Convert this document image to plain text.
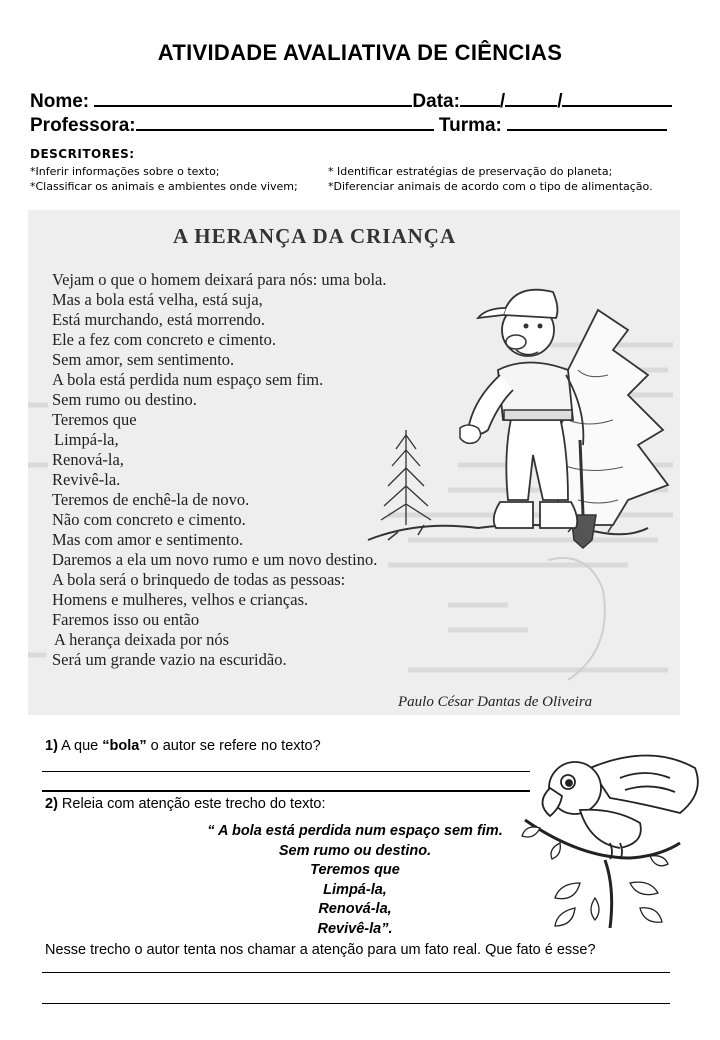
ATIVIDADE AVALIATIVA DE CIÊNCIAS
Nome:	Data: /	/
Professora:	Turma:
DESCRITORES:
*Inferir informações sobre o texto;	* Identificar estratégias de preservação do planeta;
*Classificar os animais e ambientes onde vivem;	*Diferenciar animais de acordo com o tipo de alimentação.
A HERANÇA DA CRIANÇA
Vejam o que o homem deixará para nós: uma bola.
Mas a bola está velha, está suja,
Está murchando, está morrendo.
Ele a fez com concreto e cimento.
Sem amor, sem sentimento.
A bola está perdida num espaço sem fim.
Sem rumo ou destino.
Teremos que
Limpá-la,
Renová-la,
Revivê-la.
Teremos de enchê-la de novo.
Não com concreto e cimento.
Mas com amor e sentimento.
Daremos a ela um novo rumo e um novo destino.
A bola será o brinquedo de todas as pessoas:
Homens e mulheres, velhos e crianças.
Faremos isso ou então
A herança deixada por nós
Será um grande vazio na escuridão.
Paulo César Dantas de Oliveira
1) A que “bola” o autor se refere no texto?
2) Releia com atenção este trecho do texto:
“ A bola está perdida num espaço sem fim.
Sem rumo ou destino.
Teremos que
Limpá-la,
Renová-la,
Revivê-la”.
Nesse trecho o autor tenta nos chamar a atenção para um fato real. Que fato é esse?
